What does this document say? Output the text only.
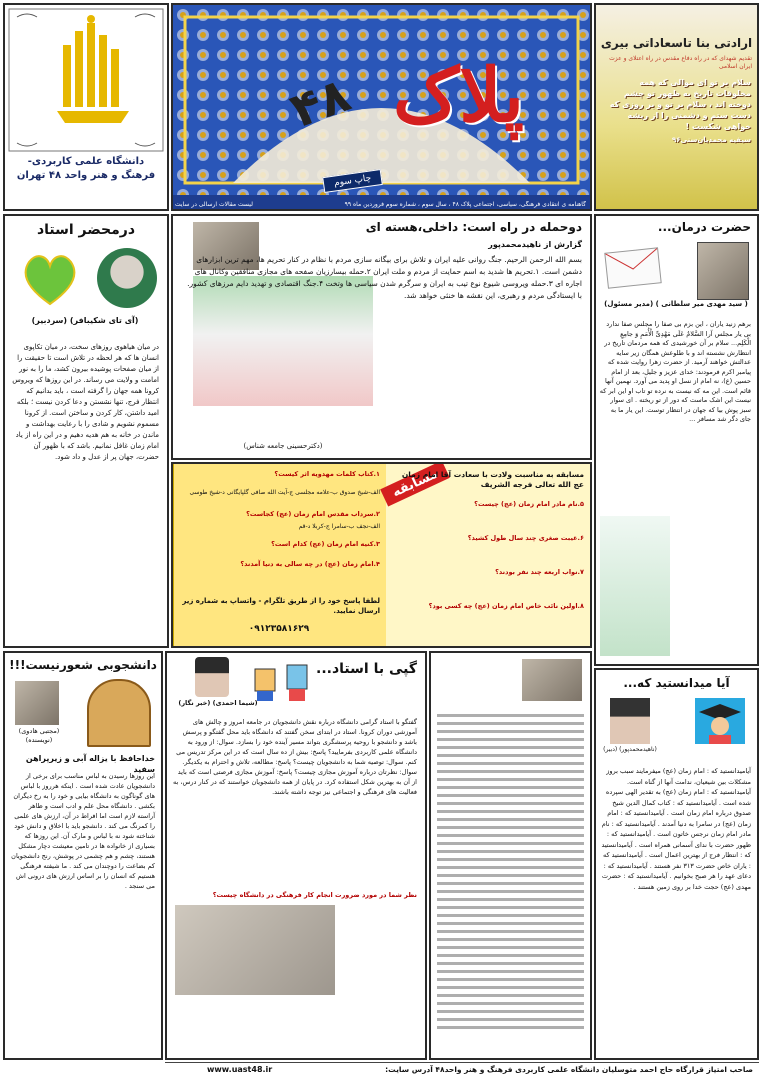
دانشگاه علمی کاربردی-فرهنگ و هنر واحد ۴۸ تهران
۴۸ پلاک
چاپ سوم
گاهنامه ی انتقادی فرهنگی، سیاسی، اجتماعی پلاک ۴۸ ، سال سوم ، شماره سوم فروردین ماه ۹۹
لیست مقالات ارسالی در سایت
ارادتی بنا تاسعاداتی بیری
تقدیم شهدای که در راه دفاع مقدس در راه اعتلای و عزت ایران اسلامی
سلام بر تو ای موالی که همه مخلوقات تاریخ به ظهور تو چشم دوخته اند ، سلام بر تو و بر روزی که دست ستم و دشمنی را از ریشه خواهی شکست !
سیفیه محمدیان‌سنی۹۶
حضرت درمان...
( سید مهدی میر سلطانی ) (مدیر مسئول)
برهم زنید یاران ، این بزم بی صفا را مجلس صفا ندارد بی یار مجلس آرا السَّلامُ عَلَی مَهْدِیِّ الْأُمَمِ وَ جامِعِ الْکَلِم... سلام بر آن خورشیدی که همه مردمان تاریخ در انتظارش نشسته اند و با طلوعش همگان زیر سایه عدالتش خواهند آرمید. از حضرت زهرا روایت شده که پیامبر اکرم فرمودند: خدای عزیز و جلیل، بعد از امام حسین (ع)، نه امام از نسل او پدید می آورد. نهمین آنها قائم است. این مه که نیست به نرده تو تاب او این ابر که نیست این اشک ماست که دور از تو ریخته . ای سوار سبز پوش بیا که جهان در انتظار توست. این یار ما به جای دگر شد مسافر ...
درمحضر استاد
(آی تای شکیبافر) (سردبیر)
در میان هیاهوی روزهای سخت، در میان تکاپوی انسان ها که هر لحظه در تلاش است تا حقیقت را از میان صفحات پوشیده بیرون کشد، ما را به نور امامت و ولایت می رساند. در این روزها که ویروس کرونا همه جهان را گرفته است ، باید بدانیم که انتظار فرج، تنها نشستن و دعا کردن نیست ؛ بلکه امید داشتن، کار کردن و ساختن است. از کرونا مسموم نشویم و شادی را با رعایت بهداشت و ماندن در خانه به هم هدیه دهیم و در این راه از یاد امام زمان غافل نمانیم. باشد که با ظهور آن حضرت، جهان پر از عدل و داد شود.
دوحمله در راه است: داخلی،هسته ای
گزارش از ناهیدمحمدپور
بسم الله الرحمن الرحیم. جنگ روانی علیه ایران و تلاش برای بیگانه سازی مردم با نظام در کنار تحریم ها، مهم ترین ابزارهای دشمن است. ۱.تحریم ها شدید به اسم حمایت از مردم و ملت ایران ۲.حمله بیسارزیان صفحه های مجازی منافقین وکانال های اجاره ای ۳.حمله ویروسی شیوع نوع تیب به ایران و سرگرم شدن سیاسی ها وتخت ۴.جنگ اقتصادی و تهدید دایم مرزهای کشور. با ایستادگی مردم و رهبری، این نقشه ها خنثی خواهد شد.
(دکترحسینی جامعه شناس)
۱.کتاب کلمات مهدویه اثر کیست؟
الف-شیخ صدوق ب-علامه مجلسی ج-آیت الله صافی گلپایگانی د-شیخ طوسی
۲.سرداب مقدس امام زمان (عج) کجاست؟
الف-نجف ب-سامرا ج-کربلا د-قم
۳.کنیه امام زمان (عج) کدام است؟
۴.امام زمان (عج) در چه سالی به دنیا آمدند؟
لطفا پاسخ خود را از طریق تلگرام - واتساپ به شماره زیر ارسال نمایید.
۰۹۱۲۳۵۸۱۶۲۹
مسابقه
مسابقه به مناسبت ولادت با سعادت آقا امام زمان عج الله تعالی فرجه الشریف
۵.نام مادر امام زمان (عج) چیست؟
۶.غیبت صغری چند سال طول کشید؟
۷.نواب اربعه چند نفر بودند؟
۸.اولین نائب خاص امام زمان (عج) چه کسی بود؟
دانشجوبی شعورنیست!!!
(مجتبی هادوی) (نویسنده)
خداحافظ با یزاله آبی و زیرپراهن سفید
این روزها رسیدن به لباس مناسب برای برخی از دانشجویان عادت شده است . اینکه هرروز با لباس های گوناگون به دانشگاه بیایی و خود را به رخ دیگران بکشی . دانشگاه محل علم و ادب است و ظاهر آراسته لازم است اما افراط در آن، ارزش های علمی را کمرنگ می کند . دانشجو باید با اخلاق و دانش خود شناخته شود نه با لباس و مارک آن. این روزها که بسیاری از خانواده ها در تامین معیشت دچار مشکل هستند، چشم و هم چشمی در پوشش، رنج دانشجویان کم بضاعت را دوچندان می کند . ما شیفته فرهنگی هستیم که انسان را بر اساس ارزش های درونی اش می سنجد .
گپی با استاد...
(شیما احمدی) (خبر نگار)
گفتگو با استاد گرامی دانشگاه درباره نقش دانشجویان در جامعه امروز و چالش های آموزشی دوران کرونا. استاد در ابتدای سخن گفتند که دانشگاه باید محل گفتگو و پرسش باشد و دانشجو با روحیه پرسشگری بتواند مسیر آینده خود را بسازد. سوال: از ورود به دانشگاه علمی کاربردی بفرمایید؟ پاسخ: بیش از ده سال است که در این مرکز تدریس می کنم. سوال: توصیه شما به دانشجویان چیست؟ پاسخ: مطالعه، تلاش و احترام به یکدیگر. سوال: نظرتان درباره آموزش مجازی چیست؟ پاسخ: آموزش مجازی فرصتی است که باید از آن به بهترین شکل استفاده کرد. در پایان از همه دانشجویان خواستند که در کنار درس، به فعالیت های فرهنگی و اجتماعی نیز توجه داشته باشند.
نظر شما در مورد ضرورت انجام کار فرهنگی در دانشگاه چیست؟
آیا میدانستید که...
(ناهیدمحمدپور) (دبیر)
آیامیدانستید که : امام زمان (عج) میفرمایند سبب بروز مشکلات بین شیعیان، ندامت آنها از گناه است. آیامیدانستید که : امام زمان (عج) به تقدیر الهی سپرده شده است . آیامیدانستید که : کتاب کمال الدین شیخ صدوق درباره امام زمان است . آیامیدانستید که : امام زمان (عج) در سامرا به دنیا آمدند . آیامیدانستید که : نام مادر امام زمان نرجس خاتون است . آیامیدانستید که : ظهور حضرت با ندای آسمانی همراه است . آیامیدانستید که : انتظار فرج از بهترین اعمال است . آیامیدانستید که : یاران خاص حضرت ۳۱۳ نفر هستند . آیامیدانستید که : دعای عهد را هر صبح بخوانیم . آیامیدانستید که : حضرت مهدی (عج) حجت خدا بر روی زمین هستند .
صاحب امتیاز قرارگاه حاج احمد متوسلیان دانشگاه علمی کاربردی فرهنگ و هنر واحد۴۸ آدرس سایت:
www.uast48.ir
